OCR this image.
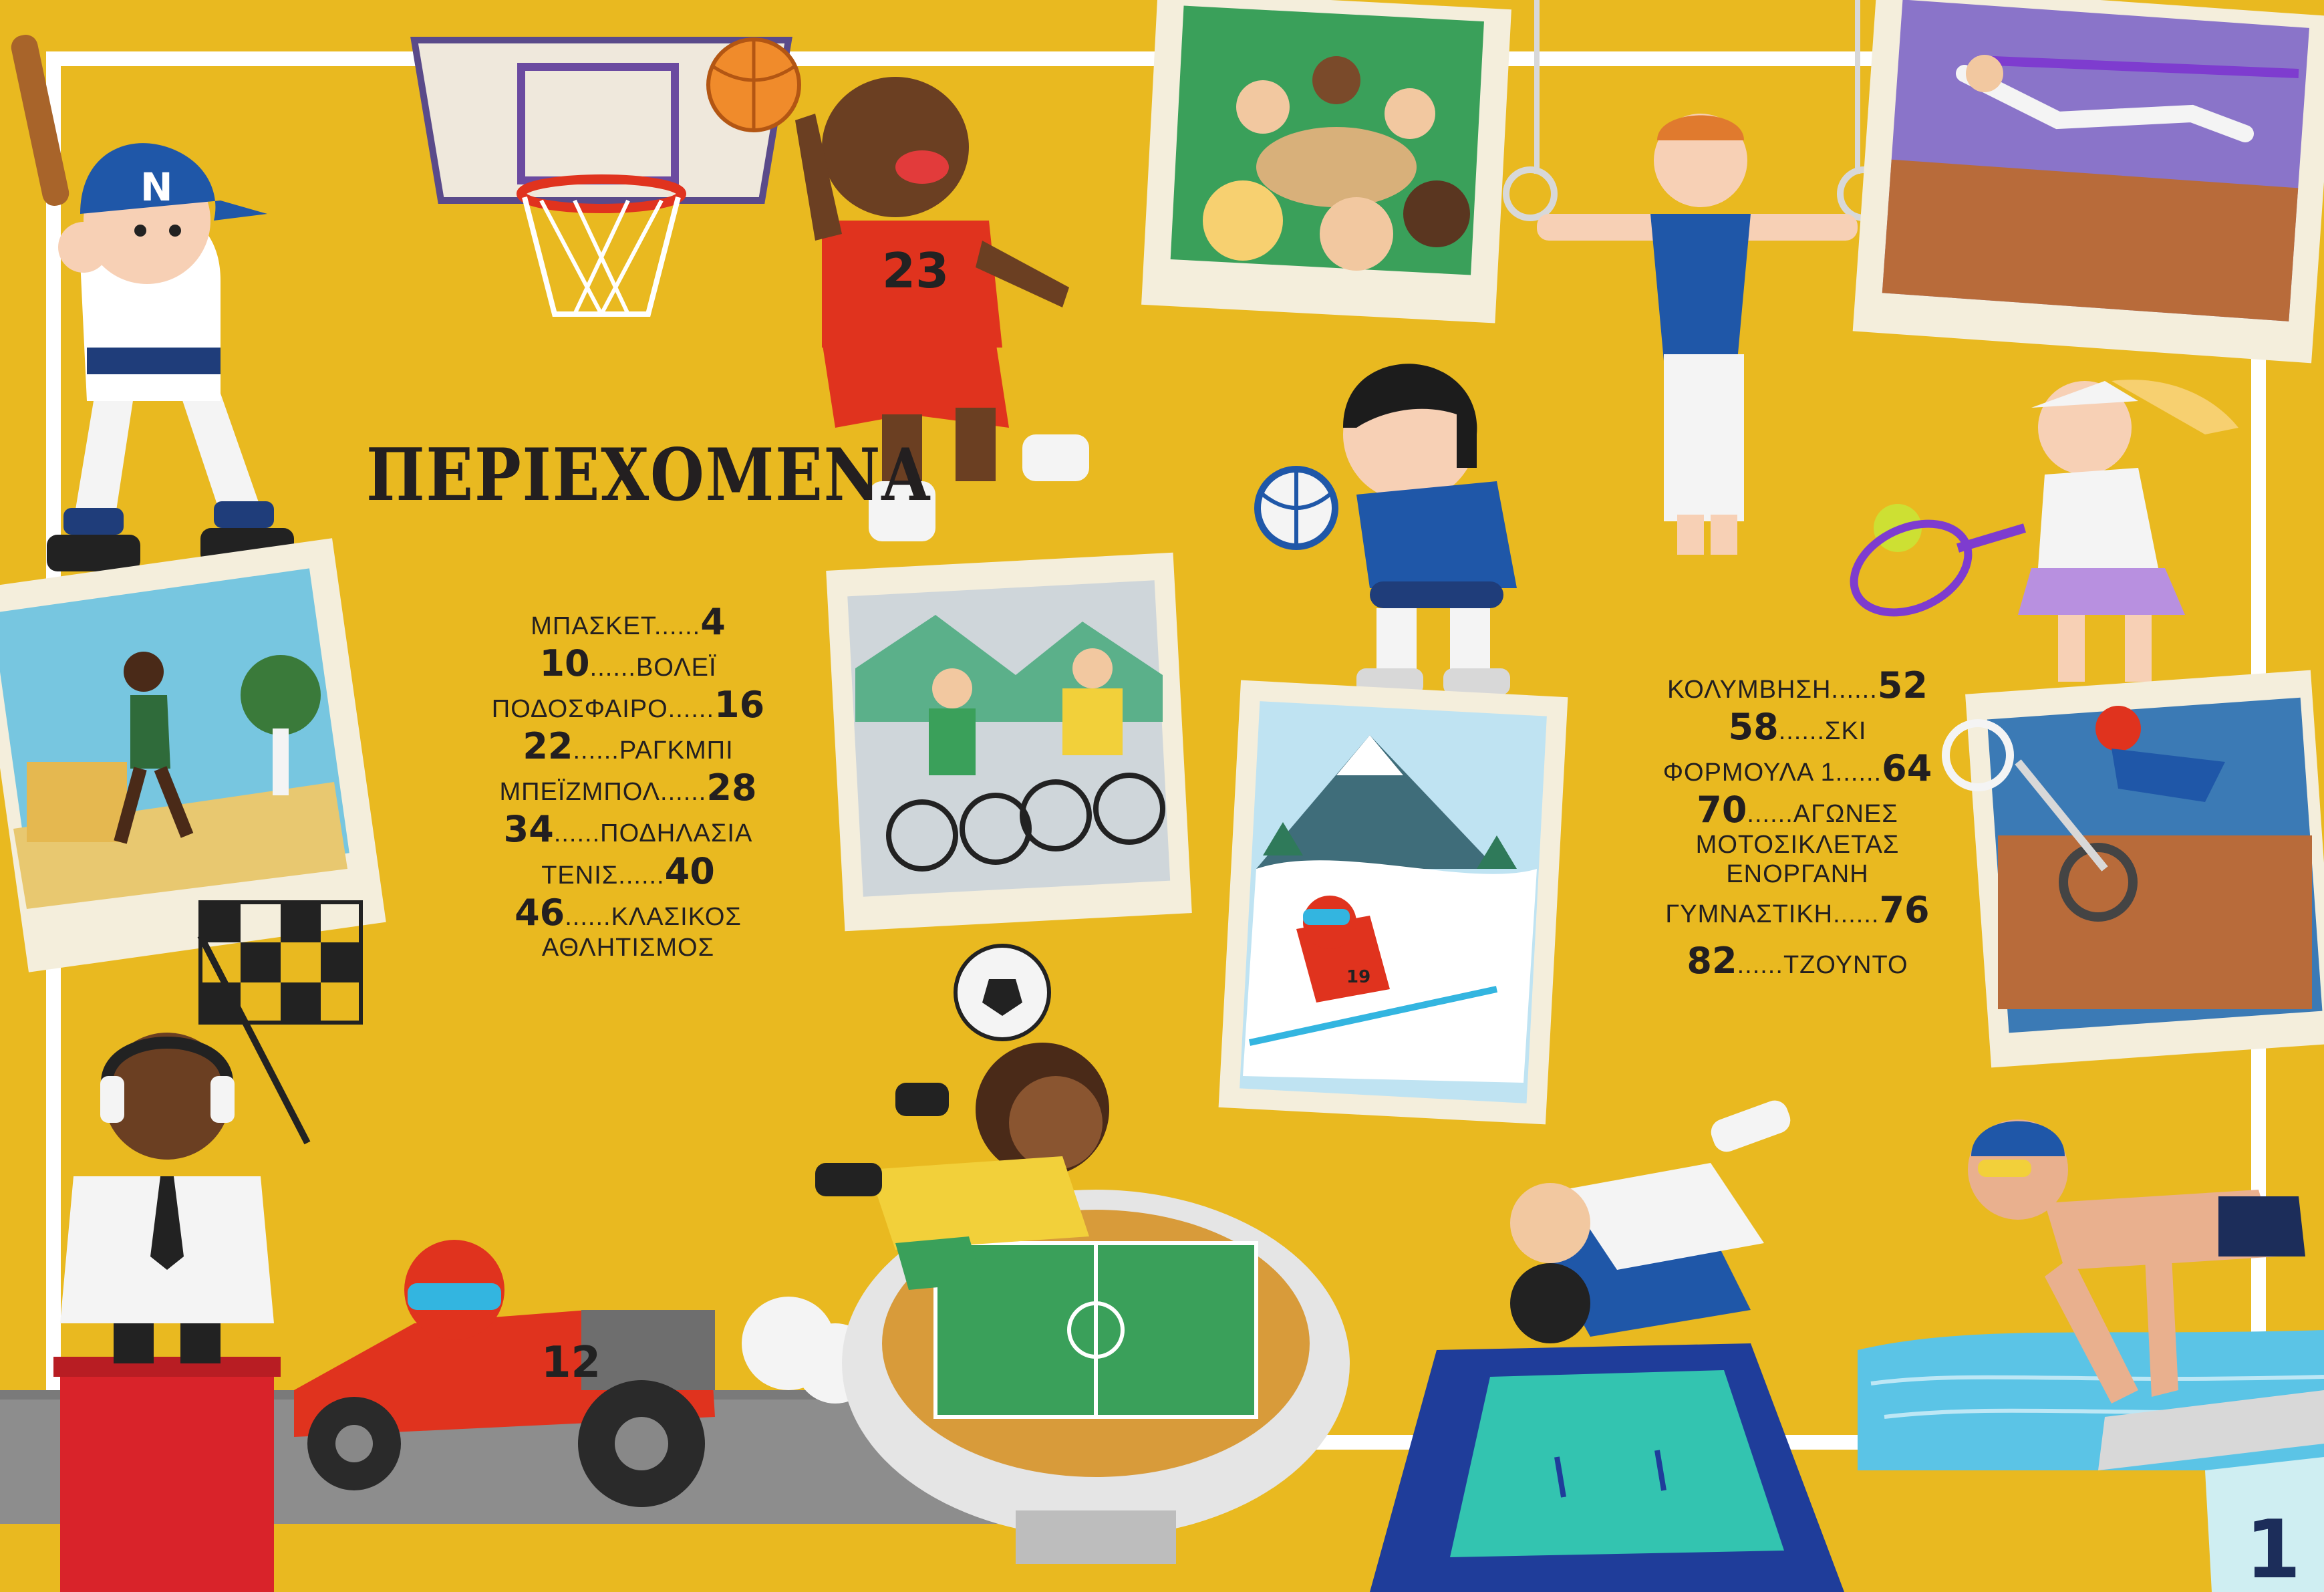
N
23
19
12
1
ΠΕΡΙΕΧΟΜΕΝΑ

ΜΠΑΣΚΕΤ......4

10......ΒΟΛΕΪ

ΠΟΔΟΣΦΑΙΡΟ......16

22......ΡΑΓΚΜΠΙ

ΜΠΕΪΖΜΠΟΛ......28

34......ΠΟΔΗΛΑΣΙΑ

ΤΕΝΙΣ......40

46......ΚΛΑΣΙΚΟΣ
ΑΘΛΗΤΙΣΜΟΣ

ΚΟΛΥΜΒΗΣΗ......52

58......ΣΚΙ

ΦΟΡΜΟΥΛΑ 1......64

70......ΑΓΩΝΕΣ
ΜΟΤΟΣΙΚΛΕΤΑΣ

ΕΝΟΡΓΑΝΗ
ΓΥΜΝΑΣΤΙΚΗ......76

82......ΤΖΟΥΝΤΟ
